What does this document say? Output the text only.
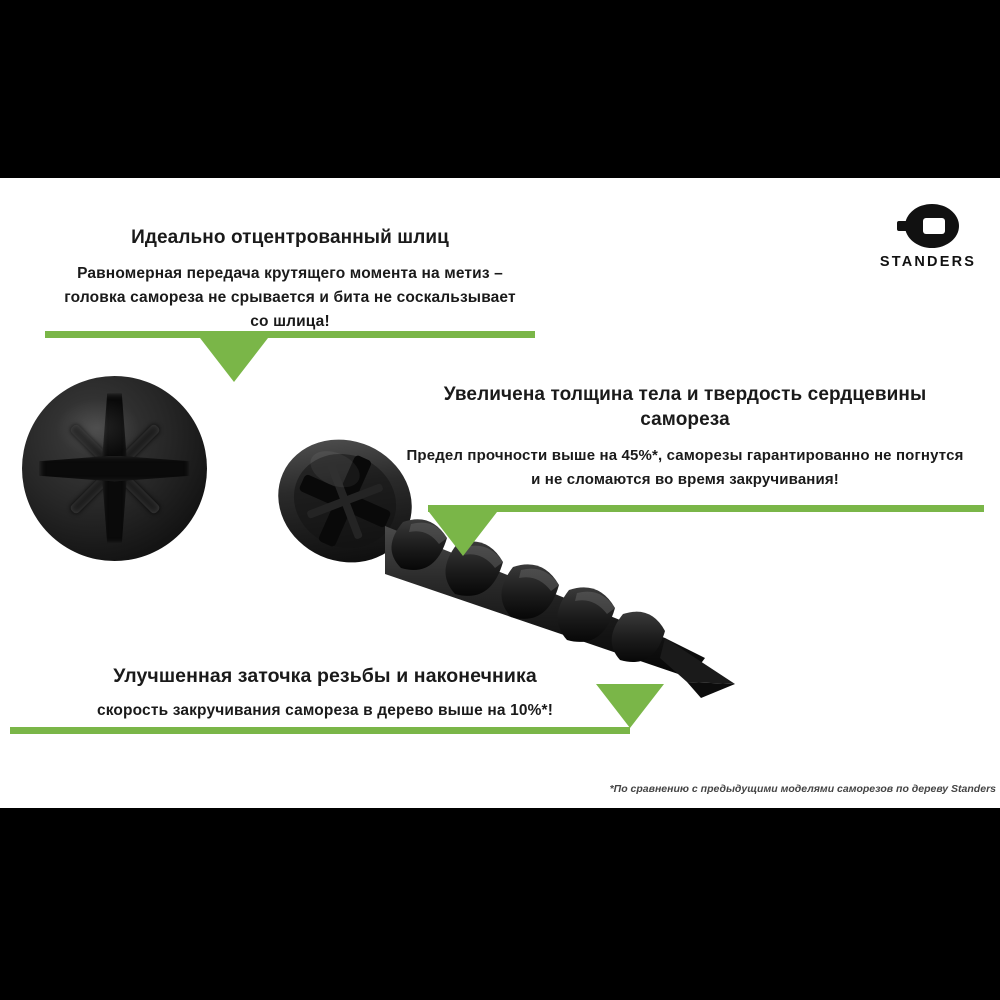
STANDERS
Идеально отцентрованный шлиц
Равномерная передача крутящего момента на метиз – головка самореза не срывается и бита не соскальзывает со шлица!
Увеличена толщина тела и твердость сердцевины самореза
Предел прочности выше на 45%*, саморезы гарантированно не погнутся и не сломаются во время закручивания!
Улучшенная заточка резьбы и наконечника
скорость закручивания самореза в дерево выше на 10%*!
*По сравнению с предыдущими моделями саморезов по дереву Standers
